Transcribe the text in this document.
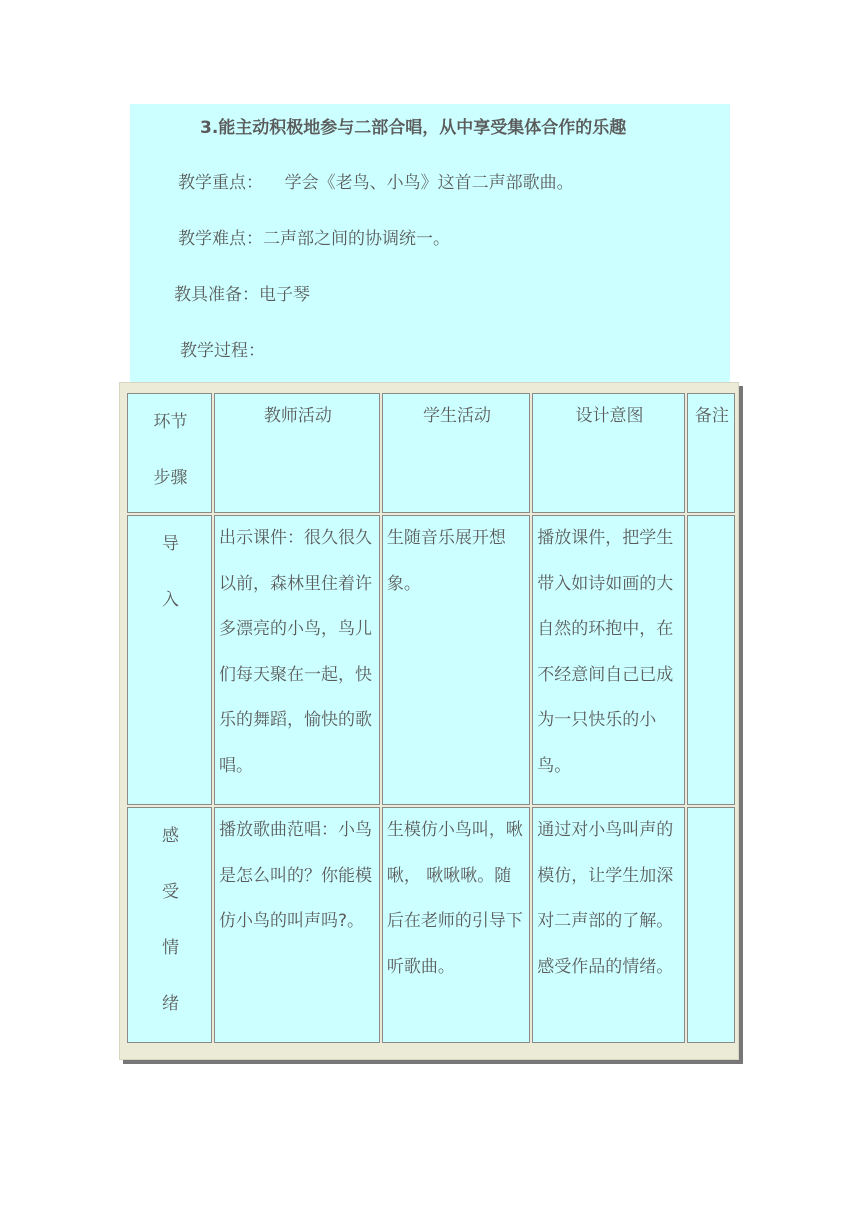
3.能主动积极地参与二部合唱，从中享受集体合作的乐趣
教学重点：    学会《老鸟、小鸟》这首二声部歌曲。
教学难点：二声部之间的协调统一。
教具准备：电子琴
教学过程：
环节
步骤	教师活动	学生活动	设计意图	备注

导
入	出示课件：很久很久以前，森林里住着许多漂亮的小鸟，鸟儿们每天聚在一起，快乐的舞蹈，愉快的歌唱。	生随音乐展开想象。	播放课件，把学生带入如诗如画的大自然的环抱中，在不经意间自己已成为一只快乐的小鸟。	

感
受
情
绪	播放歌曲范唱：小鸟是怎么叫的？你能模仿小鸟的叫声吗?。	生模仿小鸟叫，啾啾， 啾啾啾。随后在老师的引导下听歌曲。	通过对小鸟叫声的模仿，让学生加深对二声部的了解。感受作品的情绪。	
